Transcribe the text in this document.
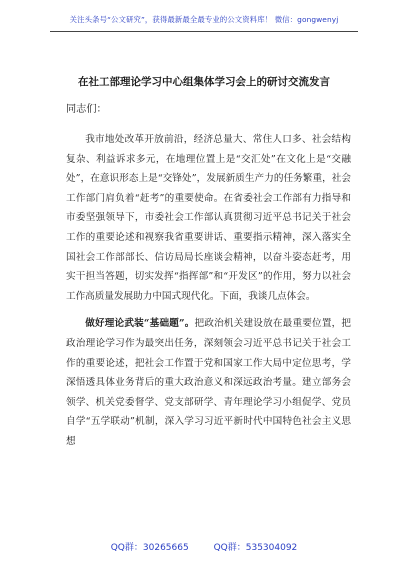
关注头条号“公文研究”，获得最新最全最专业的公文资料库！ 微信：gongwenyj
在社工部理论学习中心组集体学习会上的研讨交流发言
同志们：

我市地处改革开放前沿，经济总量大、常住人口多、社会结构复杂、利益诉求多元，在地理位置上是“交汇处”在文化上是“交融处”，在意识形态上是“交锋处”，发展新质生产力的任务繁重，社会工作部门肩负着“赶考”的重要使命。在省委社会工作部有力指导和市委坚强领导下，市委社会工作部认真贯彻习近平总书记关于社会工作的重要论述和视察我省重要讲话、重要指示精神，深入落实全国社会工作部部长、信访局局长座谈会精神，以奋斗姿态赶考，用实干担当答题，切实发挥“指挥部”和“开发区”的作用，努力以社会工作高质量发展助力中国式现代化。下面，我谈几点体会。

做好理论武装“基础题”。把政治机关建设放在最重要位置，把政治理论学习作为最突出任务，深刻领会习近平总书记关于社会工作的重要论述，把社会工作置于党和国家工作大局中定位思考，学深悟透具体业务背后的重大政治意义和深远政治考量。建立部务会领学、机关党委督学、党支部研学、青年理论学习小组促学、党员自学“五学联动”机制，深入学习习近平新时代中国特色社会主义思想

QQ群：30265665	QQ群：535304092
